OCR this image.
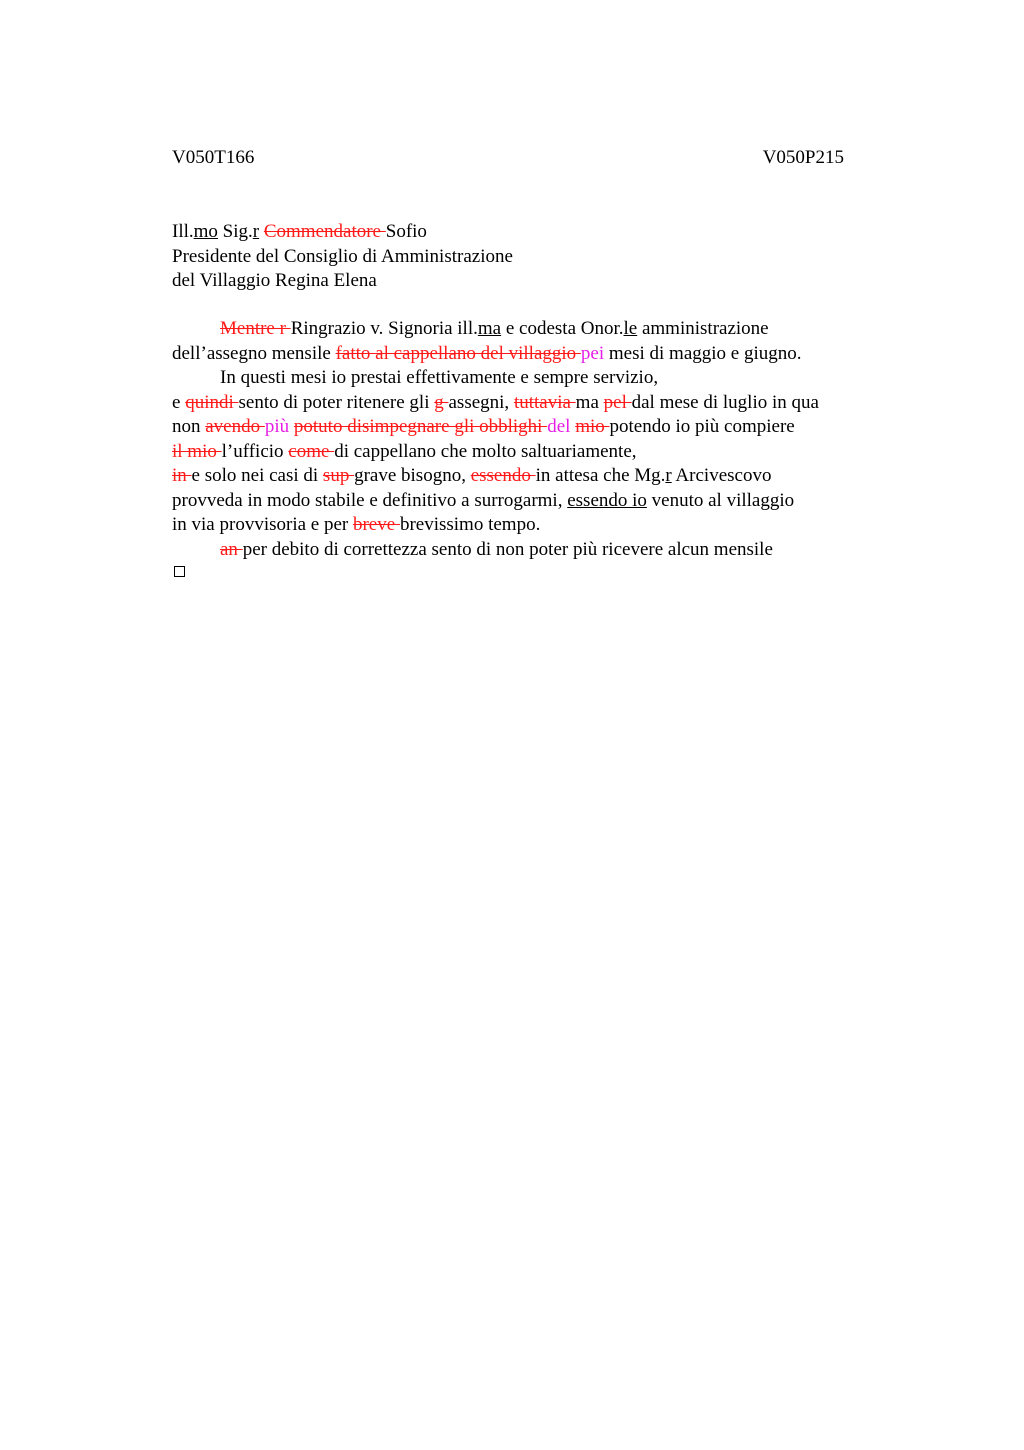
V050T166	V050P215
Ill.mo Sig.r Commendatore Sofio
Presidente del Consiglio di Amministrazione
del Villaggio Regina Elena
Mentre r Ringrazio v. Signoria ill.ma e codesta Onor.le amministrazione
dell’assegno mensile fatto al cappellano del villaggio pei mesi di maggio e giugno.
In questi mesi io prestai effettivamente e sempre servizio,
e quindi sento di poter ritenere gli g assegni, tuttavia ma pel dal mese di luglio in qua
non avendo più potuto disimpegnare gli obblighi del mio potendo io più compiere
il mio l’ufficio come di cappellano che molto saltuariamente,
in e solo nei casi di sup grave bisogno, essendo in attesa che Mg.r Arcivescovo
provveda in modo stabile e definitivo a surrogarmi, essendo io venuto al villaggio
in via provvisoria e per breve brevissimo tempo.
an per debito di correttezza sento di non poter più ricevere alcun mensile
